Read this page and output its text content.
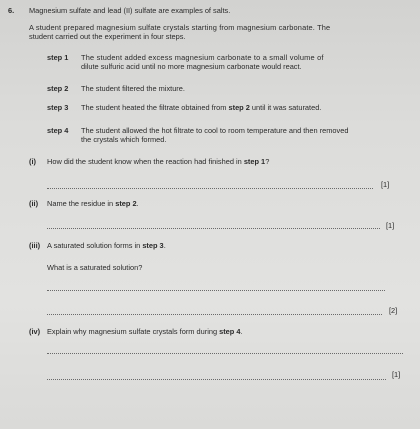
6. Magnesium sulfate and lead (II) sulfate are examples of salts.
A student prepared magnesium sulfate crystals starting from magnesium carbonate. The
student carried out the experiment in four steps.
step 1 The student added excess magnesium carbonate to a small volume of
dilute sulfuric acid until no more magnesium carbonate would react.
step 2 The student filtered the mixture.
step 3 The student heated the filtrate obtained from step 2 until it was saturated.
step 4 The student allowed the hot filtrate to cool to room temperature and then removed
the crystals which formed.
(i) How did the student know when the reaction had finished in step 1?
[1]
(ii) Name the residue in step 2.
[1]
(iii) A saturated solution forms in step 3.
What is a saturated solution?
[2]
(iv) Explain why magnesium sulfate crystals form during step 4.
[1]
